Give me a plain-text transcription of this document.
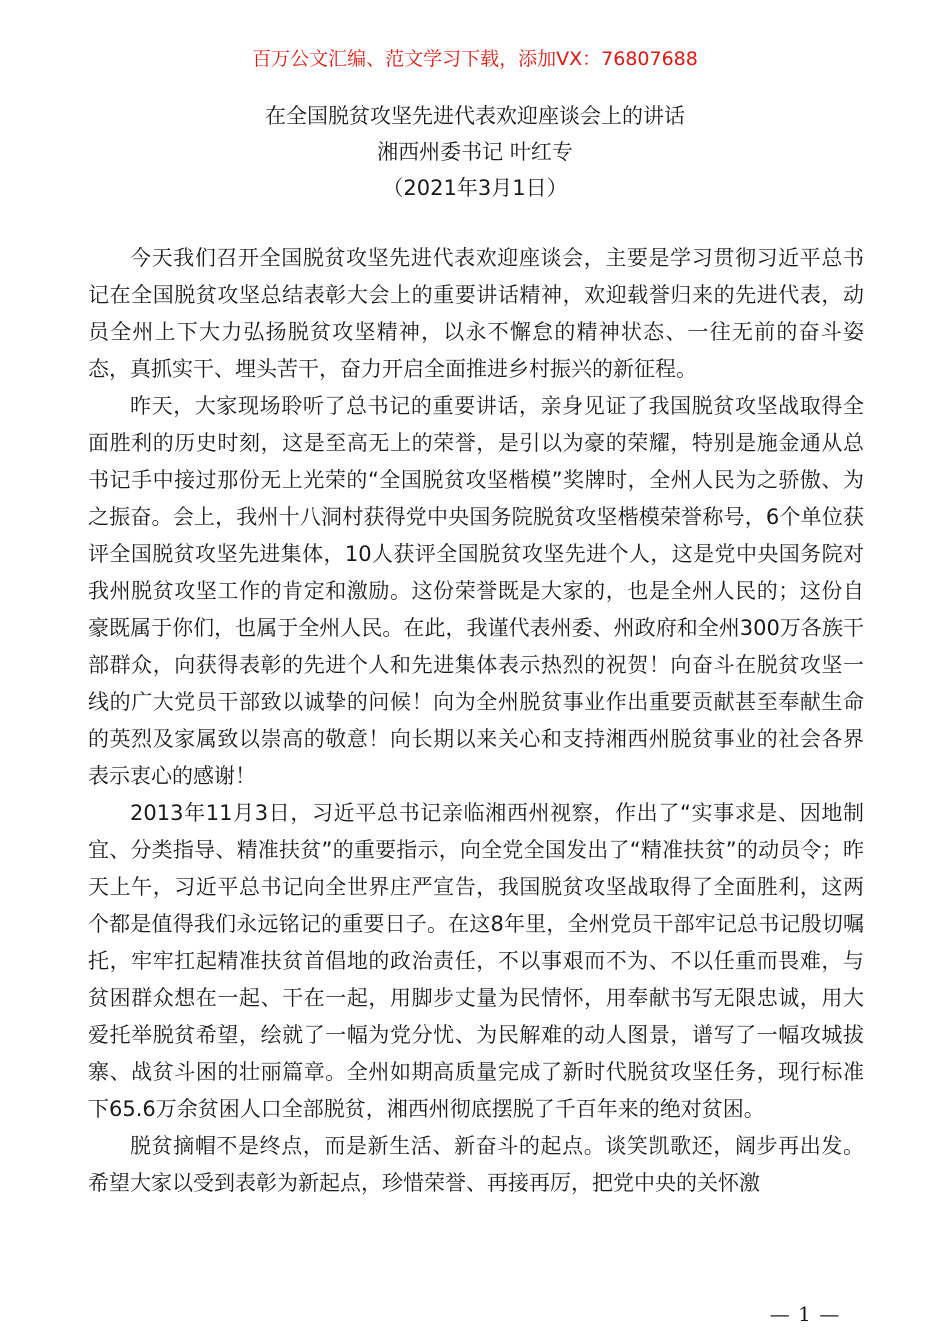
百万公文汇编、范文学习下载，添加VX：76807688
在全国脱贫攻坚先进代表欢迎座谈会上的讲话
湘西州委书记 叶红专
（2021年3月1日）

今天我们召开全国脱贫攻坚先进代表欢迎座谈会，主要是学习贯彻习近平总书记在全国脱贫攻坚总结表彰大会上的重要讲话精神，欢迎载誉归来的先进代表，动员全州上下大力弘扬脱贫攻坚精神，以永不懈怠的精神状态、一往无前的奋斗姿态，真抓实干、埋头苦干，奋力开启全面推进乡村振兴的新征程。

昨天，大家现场聆听了总书记的重要讲话，亲身见证了我国脱贫攻坚战取得全面胜利的历史时刻，这是至高无上的荣誉，是引以为豪的荣耀，特别是施金通从总书记手中接过那份无上光荣的“全国脱贫攻坚楷模”奖牌时，全州人民为之骄傲、为之振奋。会上，我州十八洞村获得党中央国务院脱贫攻坚楷模荣誉称号，6个单位获评全国脱贫攻坚先进集体，10人获评全国脱贫攻坚先进个人，这是党中央国务院对我州脱贫攻坚工作的肯定和激励。这份荣誉既是大家的，也是全州人民的；这份自豪既属于你们，也属于全州人民。在此，我谨代表州委、州政府和全州300万各族干部群众，向获得表彰的先进个人和先进集体表示热烈的祝贺！向奋斗在脱贫攻坚一线的广大党员干部致以诚挚的问候！向为全州脱贫事业作出重要贡献甚至奉献生命的英烈及家属致以崇高的敬意！向长期以来关心和支持湘西州脱贫事业的社会各界表示衷心的感谢！

2013年11月3日，习近平总书记亲临湘西州视察，作出了“实事求是、因地制宜、分类指导、精准扶贫”的重要指示，向全党全国发出了“精准扶贫”的动员令；昨天上午，习近平总书记向全世界庄严宣告，我国脱贫攻坚战取得了全面胜利，这两个都是值得我们永远铭记的重要日子。在这8年里，全州党员干部牢记总书记殷切嘱托，牢牢扛起精准扶贫首倡地的政治责任，不以事艰而不为、不以任重而畏难，与贫困群众想在一起、干在一起，用脚步丈量为民情怀，用奉献书写无限忠诚，用大爱托举脱贫希望，绘就了一幅为党分忧、为民解难的动人图景，谱写了一幅攻城拔寨、战贫斗困的壮丽篇章。全州如期高质量完成了新时代脱贫攻坚任务，现行标准下65.6万余贫困人口全部脱贫，湘西州彻底摆脱了千百年来的绝对贫困。

脱贫摘帽不是终点，而是新生活、新奋斗的起点。谈笑凯歌还，阔步再出发。希望大家以受到表彰为新起点，珍惜荣誉、再接再厉，把党中央的关怀激

— 1 —
